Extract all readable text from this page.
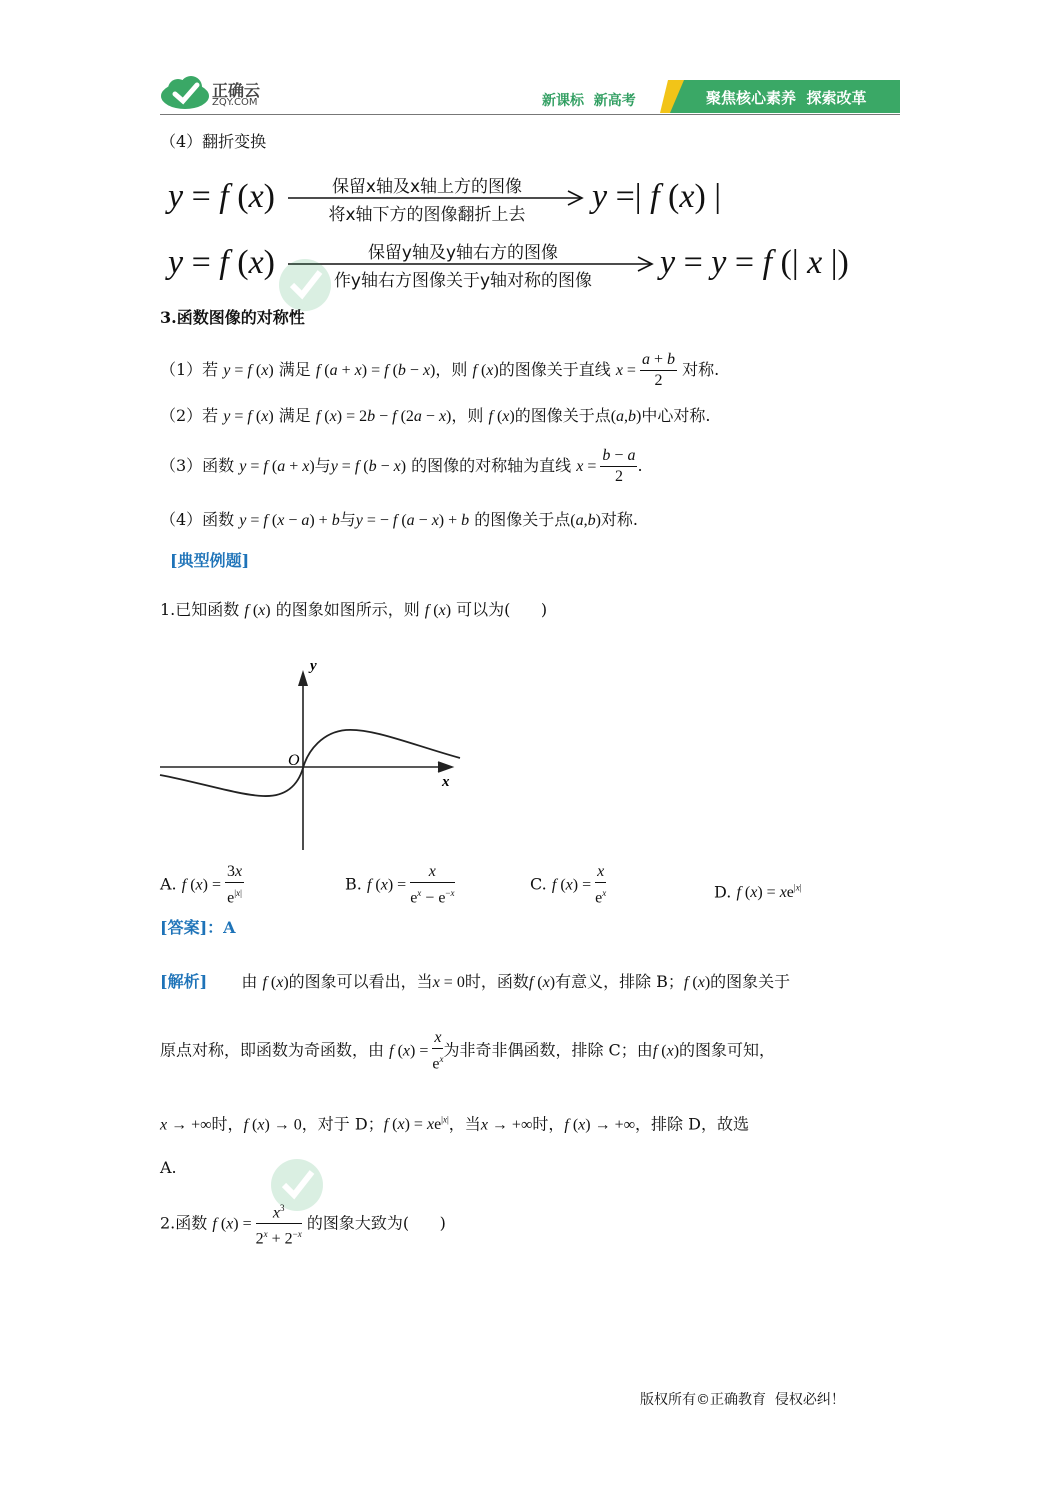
正确云
ZQY.COM	新课标  新高考	聚焦核心素养  探索改革
（4）翻折变换
y = f (x)	保留x轴及x轴上方的图像
将x轴下方的图像翻折上去	y =| f (x) |
y = f (x)	保留y轴及y轴右方的图像
作y轴右方图像关于y轴对称的图像	y = y = f (| x |)
3.函数图像的对称性
（1）若 y = f (x) 满足 f (a + x) = f (b − x)，则 f (x)的图像关于直线 $x = \frac{a + b}{2}$ 对称.
（2）若 y = f (x) 满足 f (x) = 2b − f (2a − x)，则 f (x)的图像关于点(a,b)中心对称.
（3）函数 y = f (a + x)与y = f (b − x) 的图像的对称轴为直线 $x = \frac{b - a}{2}$ .
（4）函数 y = f (x − a) + b与y = − f (a − x) + b 的图像关于点(a,b)对称.
[典型例题]
1.已知函数 f (x) 的图象如图所示，则 f (x) 可以为(      )
y
x
O
A. f $(x) = \frac{3x}{e^{|x|}}$	B. f $(x) = \frac{x}{e^x - e^{-x}}$	C. f $(x) = \frac{x}{e^x}$	D. f $(x) = xe^{|x|}$
[答案]：A
[解析] 由 f (x)的图象可以看出，当x = 0时，函数f (x)有意义，排除 B；f (x)的图象关于
原点对称，即函数为奇函数，由 f $(x) = \frac{x}{e^x}$ 为非奇非偶函数，排除 C；由f (x)的图象可知，
x → +∞时，f (x) → 0，对于 D；f $(x) = xe^{|x|}$，当x → +∞时，f (x) → +∞，排除 D，故选
A.
2.函数 f $(x) = \frac{x^3}{2^x + 2^{-x}}$ 的图象大致为(      )
版权所有©正确教育  侵权必纠！
